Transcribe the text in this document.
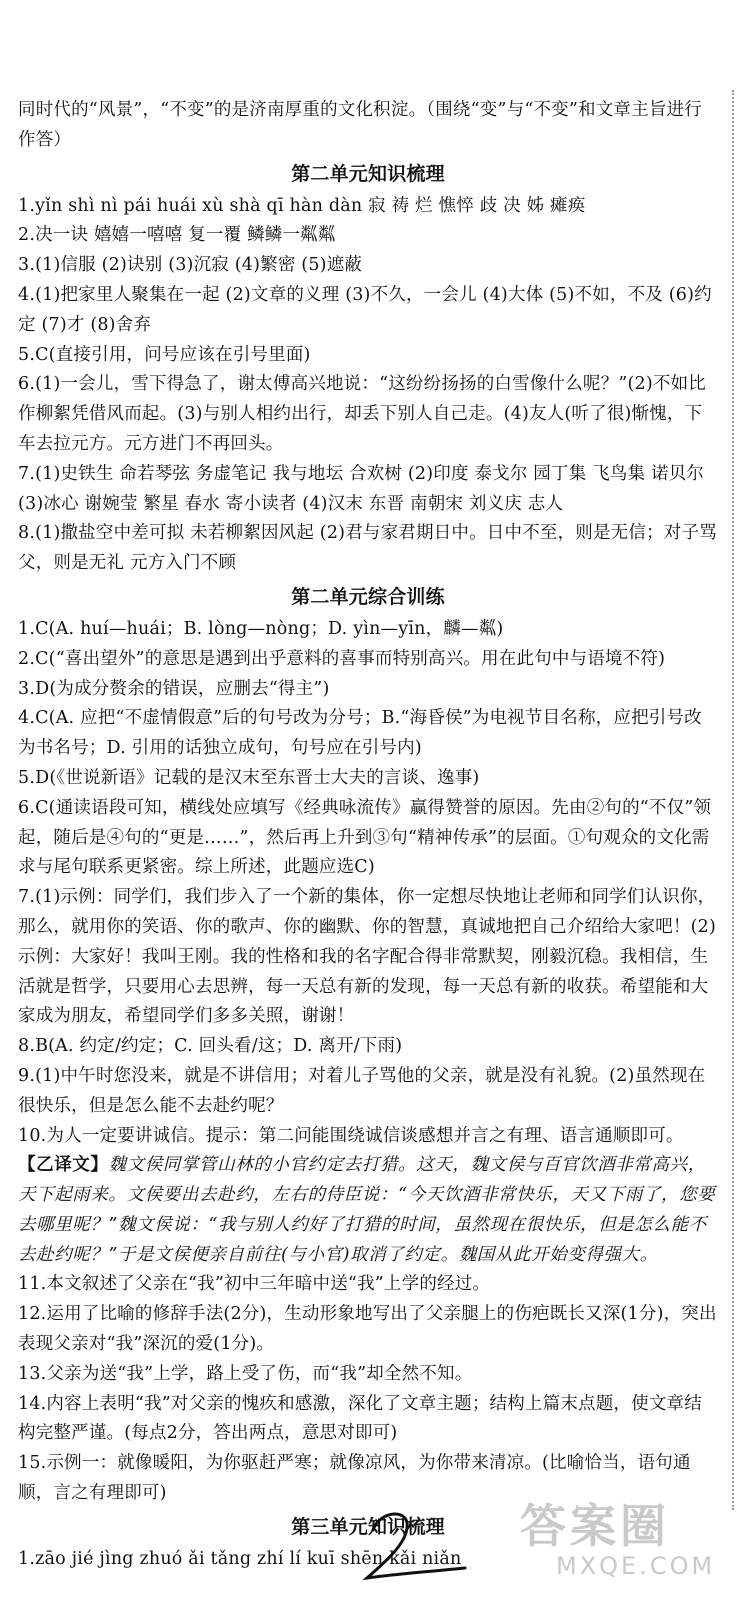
同时代的“风景”，“不变”的是济南厚重的文化积淀。（围绕“变”与“不变”和文章主旨进行作答）
第二单元知识梳理
1.yǐn shì nì pái huái xù shà qī hàn dàn 寂 祷 烂 憔悴 歧 决 姊 瘫痪
2.决一诀 嬉嬉一嘻嘻 复一覆 鳞鳞一粼粼
3.(1)信服 (2)诀别 (3)沉寂 (4)繁密 (5)遮蔽
4.(1)把家里人聚集在一起 (2)文章的义理 (3)不久，一会儿 (4)大体 (5)不如，不及 (6)约定 (7)才 (8)舍弃
5.C(直接引用，问号应该在引号里面)
6.(1)一会儿，雪下得急了，谢太傅高兴地说：“这纷纷扬扬的白雪像什么呢？”(2)不如比作柳絮凭借风而起。(3)与别人相约出行，却丢下别人自己走。(4)友人(听了很)惭愧，下车去拉元方。元方进门不再回头。
7.(1)史铁生 命若琴弦 务虚笔记 我与地坛 合欢树 (2)印度 泰戈尔 园丁集 飞鸟集 诺贝尔 (3)冰心 谢婉莹 繁星 春水 寄小读者 (4)汉末 东晋 南朝宋 刘义庆 志人
8.(1)撒盐空中差可拟 未若柳絮因风起 (2)君与家君期日中。日中不至，则是无信；对子骂父，则是无礼 元方入门不顾
第二单元综合训练
1.C(A. huí—huái；B. lòng—nòng；D. yìn—yīn，麟—粼)
2.C(“喜出望外”的意思是遇到出乎意料的喜事而特别高兴。用在此句中与语境不符)
3.D(为成分赘余的错误，应删去“得主”)
4.C(A. 应把“不虚情假意”后的句号改为分号；B.“海昏侯”为电视节目名称，应把引号改为书名号；D. 引用的话独立成句，句号应在引号内)
5.D(《世说新语》记载的是汉末至东晋士大夫的言谈、逸事)
6.C(通读语段可知，横线处应填写《经典咏流传》赢得赞誉的原因。先由②句的“不仅”领起，随后是④句的“更是……”，然后再上升到③句“精神传承”的层面。①句观众的文化需求与尾句联系更紧密。综上所述，此题应选C)
7.(1)示例：同学们，我们步入了一个新的集体，你一定想尽快地让老师和同学们认识你，那么，就用你的笑语、你的歌声、你的幽默、你的智慧，真诚地把自己介绍给大家吧！(2)示例：大家好！我叫王刚。我的性格和我的名字配合得非常默契，刚毅沉稳。我相信，生活就是哲学，只要用心去思辨，每一天总有新的发现，每一天总有新的收获。希望能和大家成为朋友，希望同学们多多关照，谢谢！
8.B(A. 约定/约定；C. 回头看/这；D. 离开/下雨)
9.(1)中午时您没来，就是不讲信用；对着儿子骂他的父亲，就是没有礼貌。(2)虽然现在很快乐，但是怎么能不去赴约呢？
10.为人一定要讲诚信。提示：第二问能围绕诚信谈感想并言之有理、语言通顺即可。
【乙译文】魏文侯同掌管山林的小官约定去打猎。这天，魏文侯与百官饮酒非常高兴，天下起雨来。文侯要出去赴约，左右的侍臣说：“今天饮酒非常快乐，天又下雨了，您要去哪里呢？”魏文侯说：“我与别人约好了打猎的时间，虽然现在很快乐，但是怎么能不去赴约呢？”于是文侯便亲自前往(与小官)取消了约定。魏国从此开始变得强大。
11.本文叙述了父亲在“我”初中三年暗中送“我”上学的经过。
12.运用了比喻的修辞手法(2分)，生动形象地写出了父亲腿上的伤疤既长又深(1分)，突出表现父亲对“我”深沉的爱(1分)。
13.父亲为送“我”上学，路上受了伤，而“我”却全然不知。
14.内容上表明“我”对父亲的愧疚和感激，深化了文章主题；结构上篇末点题，使文章结构完整严谨。(每点2分，答出两点，意思对即可)
15.示例一：就像暖阳，为你驱赶严寒；就像凉风，为你带来清凉。(比喻恰当，语句通顺，言之有理即可)
第三单元知识梳理
1.zāo jié jìng zhuó ǎi tǎng zhí lí kuī shēn kǎi niǎn
答案圈
MXQE.COM
